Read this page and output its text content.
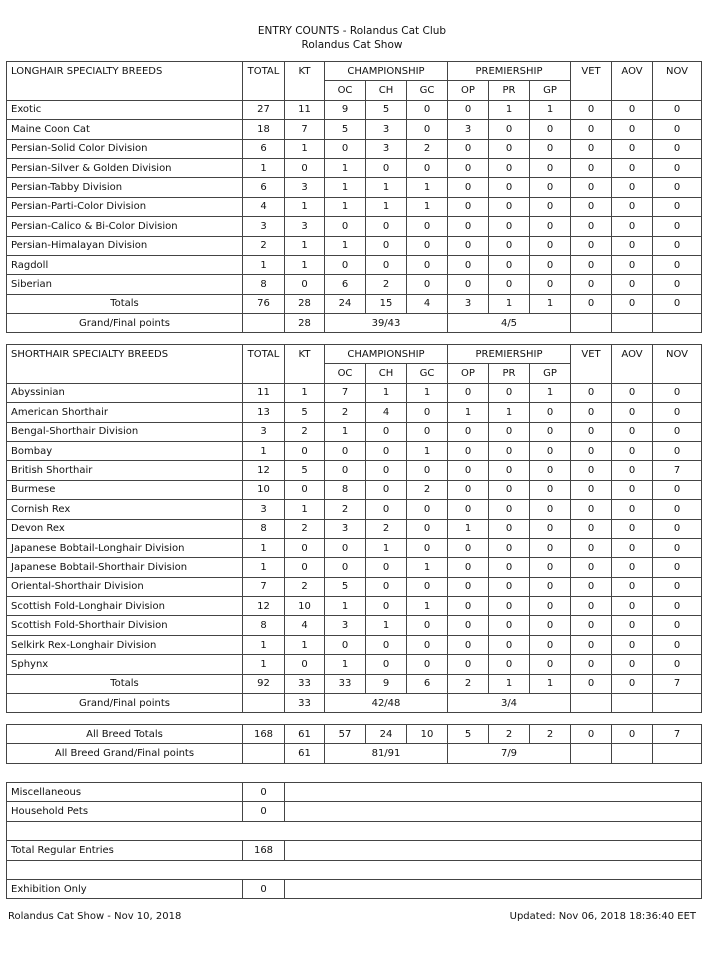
ENTRY COUNTS - Rolandus Cat Club
Rolandus Cat Show
LONGHAIR SPECIALTY BREEDS	TOTAL	KT	CHAMPIONSHIP			PREMIERSHIP			VET	AOV	NOV
			OC	CH	GC	OP	PR	GP			
Exotic	27	11	9	5	0	0	1	1	0	0	0
Maine Coon Cat	18	7	5	3	0	3	0	0	0	0	0
Persian-Solid Color Division	6	1	0	3	2	0	0	0	0	0	0
Persian-Silver & Golden Division	1	0	1	0	0	0	0	0	0	0	0
Persian-Tabby Division	6	3	1	1	1	0	0	0	0	0	0
Persian-Parti-Color Division	4	1	1	1	1	0	0	0	0	0	0
Persian-Calico & Bi-Color Division	3	3	0	0	0	0	0	0	0	0	0
Persian-Himalayan Division	2	1	1	0	0	0	0	0	0	0	0
Ragdoll	1	1	0	0	0	0	0	0	0	0	0
Siberian	8	0	6	2	0	0	0	0	0	0	0
Totals	76	28	24	15	4	3	1	1	0	0	0
Grand/Final points		28	39/43			4/5					
SHORTHAIR SPECIALTY BREEDS	TOTAL	KT	CHAMPIONSHIP			PREMIERSHIP			VET	AOV	NOV
			OC	CH	GC	OP	PR	GP			
Abyssinian	11	1	7	1	1	0	0	1	0	0	0
American Shorthair	13	5	2	4	0	1	1	0	0	0	0
Bengal-Shorthair Division	3	2	1	0	0	0	0	0	0	0	0
Bombay	1	0	0	0	1	0	0	0	0	0	0
British Shorthair	12	5	0	0	0	0	0	0	0	0	7
Burmese	10	0	8	0	2	0	0	0	0	0	0
Cornish Rex	3	1	2	0	0	0	0	0	0	0	0
Devon Rex	8	2	3	2	0	1	0	0	0	0	0
Japanese Bobtail-Longhair Division	1	0	0	1	0	0	0	0	0	0	0
Japanese Bobtail-Shorthair Division	1	0	0	0	1	0	0	0	0	0	0
Oriental-Shorthair Division	7	2	5	0	0	0	0	0	0	0	0
Scottish Fold-Longhair Division	12	10	1	0	1	0	0	0	0	0	0
Scottish Fold-Shorthair Division	8	4	3	1	0	0	0	0	0	0	0
Selkirk Rex-Longhair Division	1	1	0	0	0	0	0	0	0	0	0
Sphynx	1	0	1	0	0	0	0	0	0	0	0
Totals	92	33	33	9	6	2	1	1	0	0	7
Grand/Final points		33	42/48			3/4					
All Breed Totals	168	61	57	24	10	5	2	2	0	0	7
All Breed Grand/Final points		61	81/91			7/9					
Miscellaneous	0	
Household Pets	0	

Total Regular Entries	168	

Exhibition Only	0	
Rolandus Cat Show - Nov 10, 2018	Updated: Nov 06, 2018 18:36:40 EET
